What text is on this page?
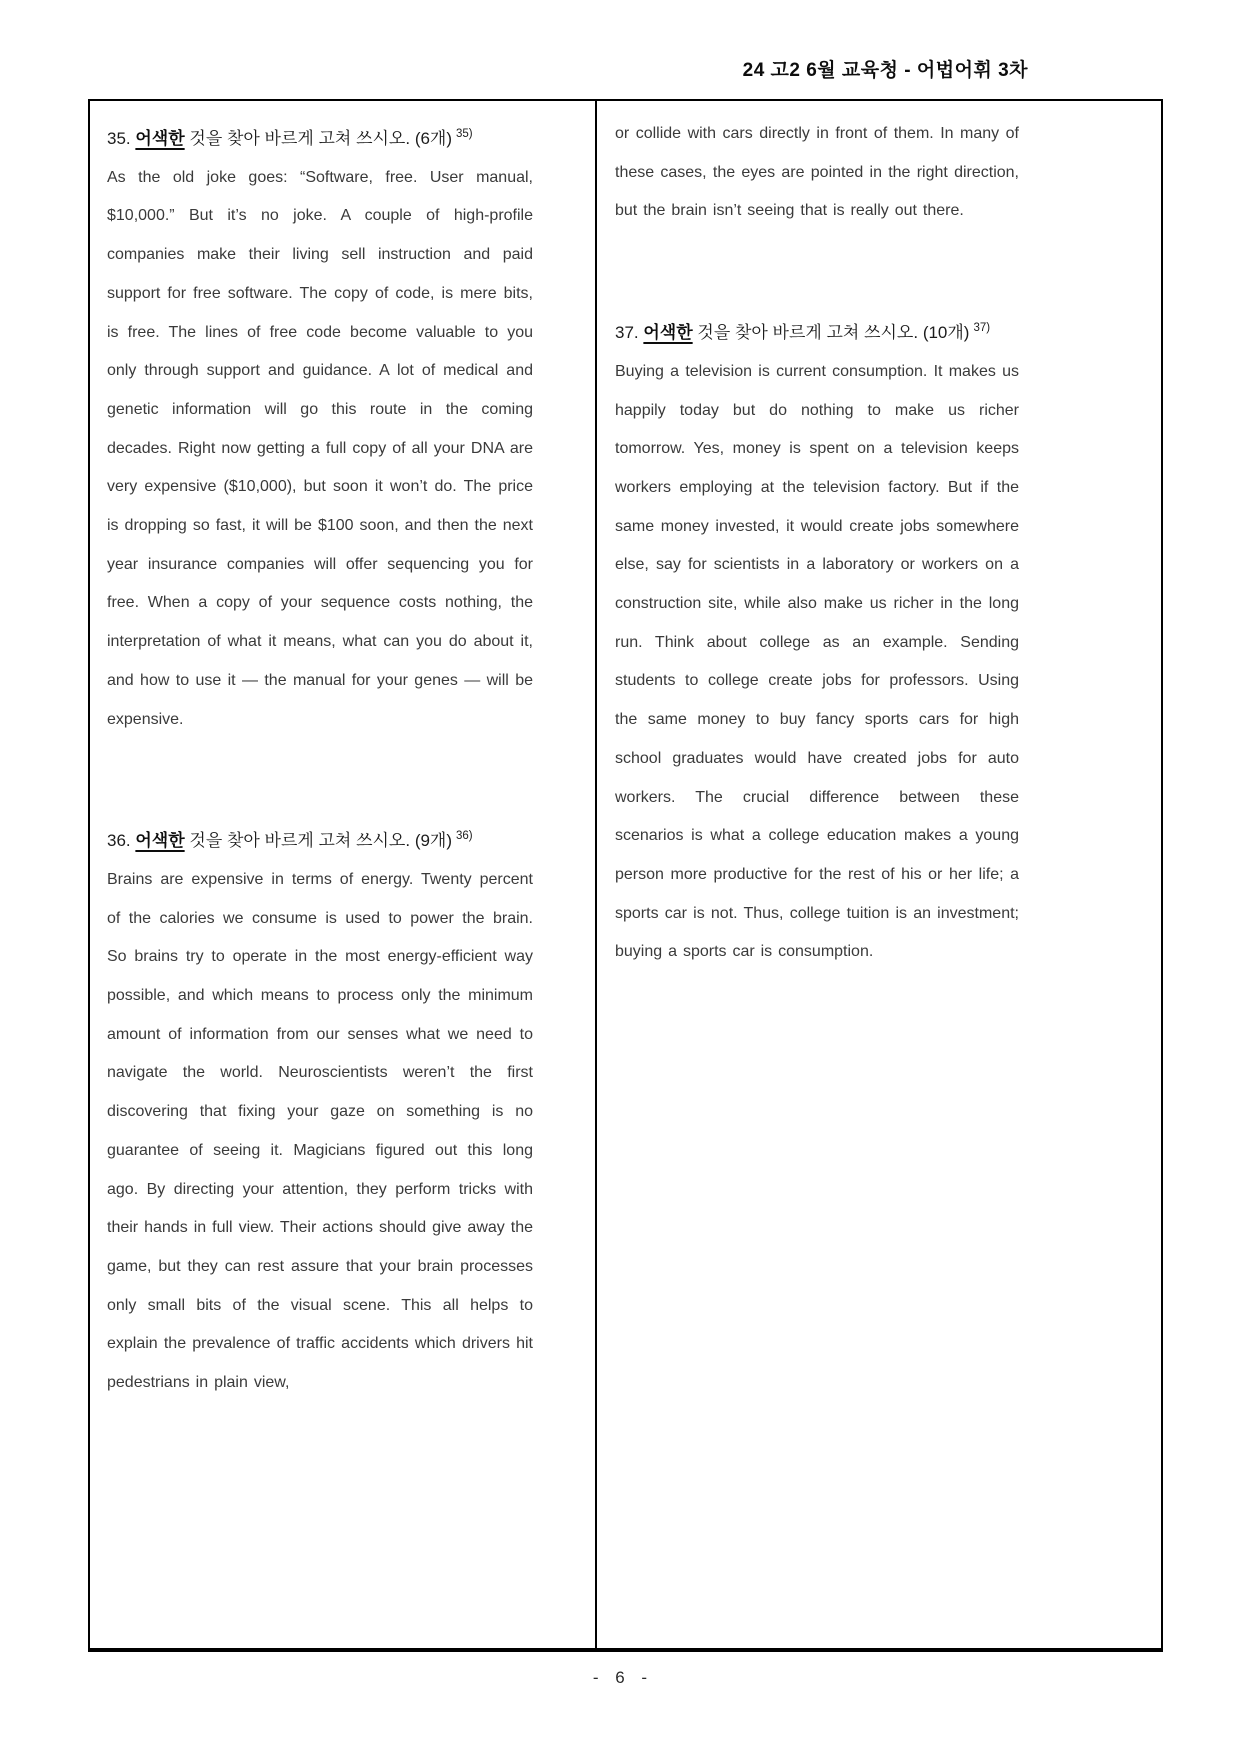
24 고2 6월 교육청 - 어법어휘 3차
35. 어색한 것을 찾아 바르게 고쳐 쓰시오. (6개) $^{35)}$

As the old joke goes: “Software, free. User manual, $10,000.” But it’s no joke. A couple of high-profile companies make their living sell instruction and paid support for free software. The copy of code, is mere bits, is free. The lines of free code become valuable to you only through support and guidance. A lot of medical and genetic information will go this route in the coming decades. Right now getting a full copy of all your DNA are very expensive ($10,000), but soon it won’t do. The price is dropping so fast, it will be $100 soon, and then the next year insurance companies will offer sequencing you for free. When a copy of your sequence costs nothing, the interpretation of what it means, what can you do about it, and how to use it — the manual for your genes — will be expensive.

36. 어색한 것을 찾아 바르게 고쳐 쓰시오. (9개) $^{36)}$

Brains are expensive in terms of energy. Twenty percent of the calories we consume is used to power the brain. So brains try to operate in the most energy-efficient way possible, and which means to process only the minimum amount of information from our senses what we need to navigate the world. Neuroscientists weren’t the first discovering that fixing your gaze on something is no guarantee of seeing it. Magicians figured out this long ago. By directing your attention, they perform tricks with their hands in full view. Their actions should give away the game, but they can rest assure that your brain processes only small bits of the visual scene. This all helps to explain the prevalence of traffic accidents which drivers hit pedestrians in plain view,

or collide with cars directly in front of them. In many of these cases, the eyes are pointed in the right direction, but the brain isn’t seeing that is really out there.

37. 어색한 것을 찾아 바르게 고쳐 쓰시오. (10개) $^{37)}$

Buying a television is current consumption. It makes us happily today but do nothing to make us richer tomorrow. Yes, money is spent on a television keeps workers employing at the television factory. But if the same money invested, it would create jobs somewhere else, say for scientists in a laboratory or workers on a construction site, while also make us richer in the long run. Think about college as an example. Sending students to college create jobs for professors. Using the same money to buy fancy sports cars for high school graduates would have created jobs for auto workers. The crucial difference between these scenarios is what a college education makes a young person more productive for the rest of his or her life; a sports car is not. Thus, college tuition is an investment; buying a sports car is consumption.

- 6 -
